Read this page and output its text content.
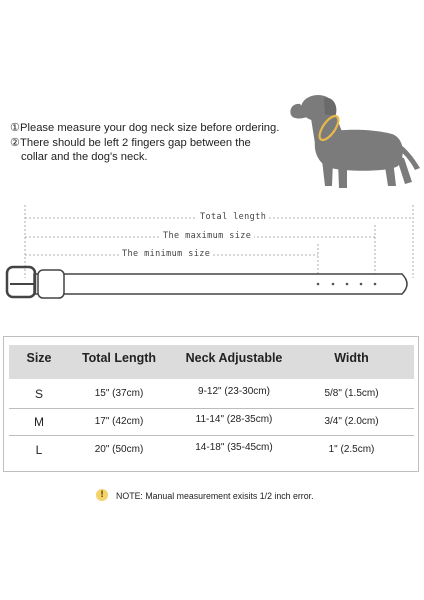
①Please measure your dog neck size before ordering.
②There should be left 2 fingers gap between the
collar and the dog's neck.
Total length
The maximum size
The minimum size
Size	Total Length	Neck Adjustable	Width
S	15" (37cm)	9-12" (23-30cm)	5/8" (1.5cm)
M	17" (42cm)	11-14" (28-35cm)	3/4" (2.0cm)
L	20" (50cm)	14-18" (35-45cm)	1" (2.5cm)
!	NOTE: Manual measurement exisits 1/2 inch error.
